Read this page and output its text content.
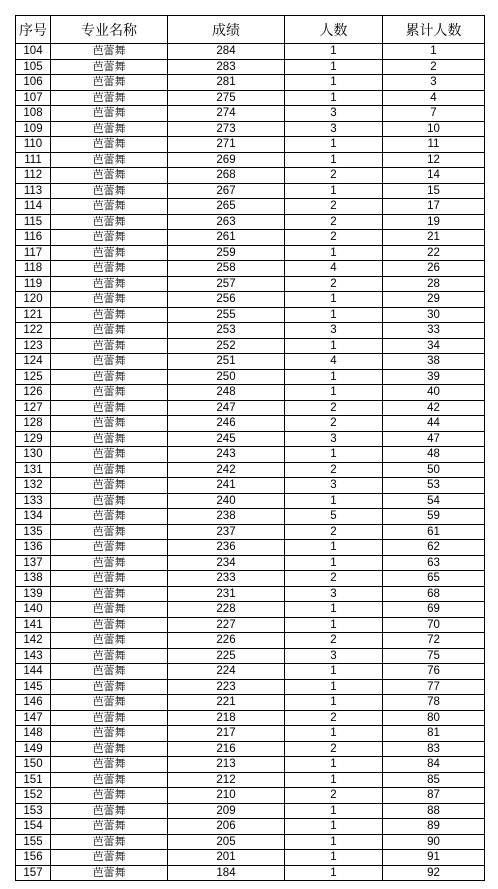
序号	专业名称	成绩	人数	累计人数
104	芭蕾舞	284	1	1
105	芭蕾舞	283	1	2
106	芭蕾舞	281	1	3
107	芭蕾舞	275	1	4
108	芭蕾舞	274	3	7
109	芭蕾舞	273	3	10
110	芭蕾舞	271	1	11
111	芭蕾舞	269	1	12
112	芭蕾舞	268	2	14
113	芭蕾舞	267	1	15
114	芭蕾舞	265	2	17
115	芭蕾舞	263	2	19
116	芭蕾舞	261	2	21
117	芭蕾舞	259	1	22
118	芭蕾舞	258	4	26
119	芭蕾舞	257	2	28
120	芭蕾舞	256	1	29
121	芭蕾舞	255	1	30
122	芭蕾舞	253	3	33
123	芭蕾舞	252	1	34
124	芭蕾舞	251	4	38
125	芭蕾舞	250	1	39
126	芭蕾舞	248	1	40
127	芭蕾舞	247	2	42
128	芭蕾舞	246	2	44
129	芭蕾舞	245	3	47
130	芭蕾舞	243	1	48
131	芭蕾舞	242	2	50
132	芭蕾舞	241	3	53
133	芭蕾舞	240	1	54
134	芭蕾舞	238	5	59
135	芭蕾舞	237	2	61
136	芭蕾舞	236	1	62
137	芭蕾舞	234	1	63
138	芭蕾舞	233	2	65
139	芭蕾舞	231	3	68
140	芭蕾舞	228	1	69
141	芭蕾舞	227	1	70
142	芭蕾舞	226	2	72
143	芭蕾舞	225	3	75
144	芭蕾舞	224	1	76
145	芭蕾舞	223	1	77
146	芭蕾舞	221	1	78
147	芭蕾舞	218	2	80
148	芭蕾舞	217	1	81
149	芭蕾舞	216	2	83
150	芭蕾舞	213	1	84
151	芭蕾舞	212	1	85
152	芭蕾舞	210	2	87
153	芭蕾舞	209	1	88
154	芭蕾舞	206	1	89
155	芭蕾舞	205	1	90
156	芭蕾舞	201	1	91
157	芭蕾舞	184	1	92
